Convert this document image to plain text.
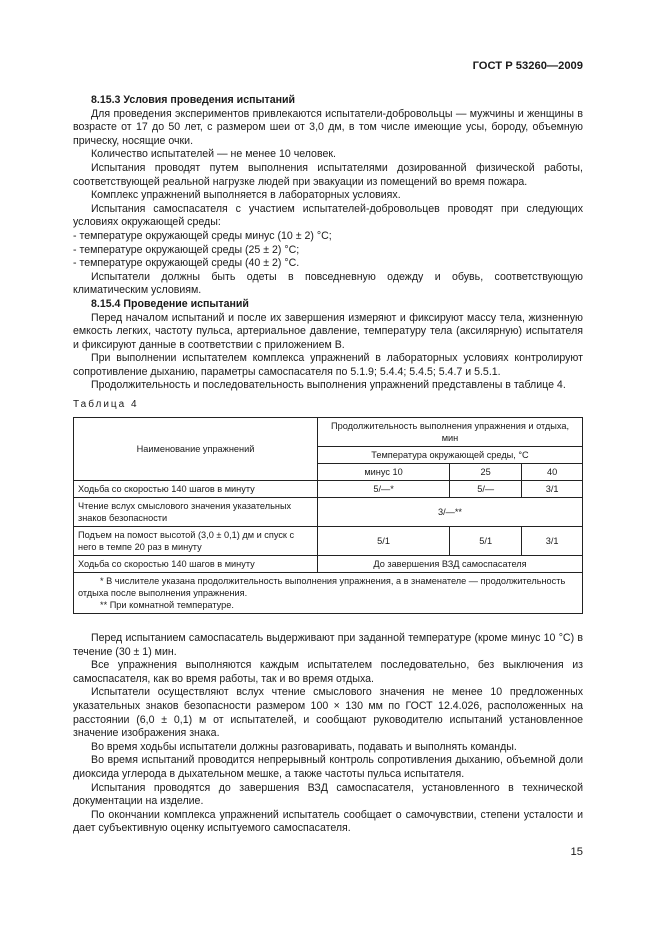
ГОСТ Р 53260—2009

8.15.3 Условия проведения испытаний

Для проведения экспериментов привлекаются испытатели-добровольцы — мужчины и женщины в возрасте от 17 до 50 лет, с размером шеи от 3,0 дм, в том числе имеющие усы, бороду, объемную прическу, носящие очки.

Количество испытателей — не менее 10 человек.

Испытания проводят путем выполнения испытателями дозированной физической работы, соответствующей реальной нагрузке людей при эвакуации из помещений во время пожара.

Комплекс упражнений выполняется в лабораторных условиях.

Испытания самоспасателя с участием испытателей-добровольцев проводят при следующих условиях окружающей среды:

- температуре окружающей среды минус (10 ± 2) °С;

- температуре окружающей среды (25 ± 2) °С;

- температуре окружающей среды (40 ± 2) °С.

Испытатели должны быть одеты в повседневную одежду и обувь, соответствующую климатическим условиям.

8.15.4 Проведение испытаний

Перед началом испытаний и после их завершения измеряют и фиксируют массу тела, жизненную емкость легких, частоту пульса, артериальное давление, температуру тела (аксилярную) испытателя и фиксируют данные в соответствии с приложением В.

При выполнении испытателем комплекса упражнений в лабораторных условиях контролируют сопротивление дыханию, параметры самоспасателя по 5.1.9; 5.4.4; 5.4.5; 5.4.7 и 5.5.1.

Продолжительность и последовательность выполнения упражнений представлены в таблице 4.

Таблица 4
Наименование упражнений	Продолжительность выполнения упражнения и отдыха, мин		
	Температура окружающей среды, °С		
	минус 10	25	40
Ходьба со скоростью 140 шагов в минуту	5/—*	5/—	3/1
Чтение вслух смыслового значения указательных знаков безопасности	3/—**		
Подъем на помост высотой (3,0 ± 0,1) дм и спуск с него в темпе 20 раз в минуту	5/1	5/1	3/1
Ходьба со скоростью 140 шагов в минуту	До завершения ВЗД самоспасателя		

* В числителе указана продолжительность выполнения упражнения, а в знаменателе — продолжительность отдыха после выполнения упражнения.

** При комнатной температуре.			

Перед испытанием самоспасатель выдерживают при заданной температуре (кроме минус 10 °С) в течение (30 ± 1) мин.

Все упражнения выполняются каждым испытателем последовательно, без выключения из самоспасателя, как во время работы, так и во время отдыха.

Испытатели осуществляют вслух чтение смыслового значения не менее 10 предложенных указательных знаков безопасности размером 100 × 130 мм по ГОСТ 12.4.026, расположенных на расстоянии (6,0 ± 0,1) м от испытателей, и сообщают руководителю испытаний установленное значение изображения знака.

Во время ходьбы испытатели должны разговаривать, подавать и выполнять команды.

Во время испытаний проводится непрерывный контроль сопротивления дыханию, объемной доли диоксида углерода в дыхательном мешке, а также частоты пульса испытателя.

Испытания проводятся до завершения ВЗД самоспасателя, установленного в технической документации на изделие.

По окончании комплекса упражнений испытатель сообщает о самочувствии, степени усталости и дает субъективную оценку испытуемого самоспасателя.

15
